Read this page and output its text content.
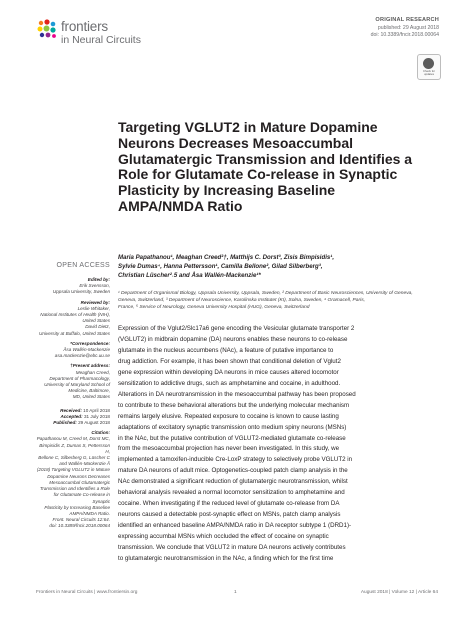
frontiers
in Neural Circuits
ORIGINAL RESEARCH
published: 29 August 2018
doi: 10.3389/fncir.2018.00064
Check for updates
Targeting VGLUT2 in Mature Dopamine Neurons Decreases Mesoaccumbal Glutamatergic Transmission and Identifies a Role for Glutamate Co-release in Synaptic Plasticity by Increasing Baseline AMPA/NMDA Ratio
Maria Papathanou¹, Meaghan Creed²†, Matthijs C. Dorst³, Zisis Bimpisidis¹,
Sylvie Dumas⁴, Hanna Pettersson¹, Camilla Bellone², Gilad Silberberg³,
Christian Lüscher²˒5 and Åsa Wallén-Mackenzie¹*
¹ Department of Organismal Biology, Uppsala University, Uppsala, Sweden, ² Department of Basic Neurosciences, University of Geneva, Geneva, Switzerland, ³ Department of Neuroscience, Karolinska Institutet (KI), Solna, Sweden, ⁴ Oramacell, Paris,
France, ⁵ Service of Neurology, Geneva University Hospital (HUG), Geneva, Switzerland
Expression of the Vglut2/Slc17a6 gene encoding the Vesicular glutamate transporter 2
(VGLUT2) in midbrain dopamine (DA) neurons enables these neurons to co-release
glutamate in the nucleus accumbens (NAc), a feature of putative importance to
drug addiction. For example, it has been shown that conditional deletion of Vglut2
gene expression within developing DA neurons in mice causes altered locomotor
sensitization to addictive drugs, such as amphetamine and cocaine, in adulthood.
Alterations in DA neurotransmission in the mesoaccumbal pathway has been proposed
to contribute to these behavioral alterations but the underlying molecular mechanism
remains largely elusive. Repeated exposure to cocaine is known to cause lasting
adaptations of excitatory synaptic transmission onto medium spiny neurons (MSNs)
in the NAc, but the putative contribution of VGLUT2-mediated glutamate co-release
from the mesoaccumbal projection has never been investigated. In this study, we
implemented a tamoxifen-inducible Cre-LoxP strategy to selectively probe VGLUT2 in
mature DA neurons of adult mice. Optogenetics-coupled patch clamp analysis in the
NAc demonstrated a significant reduction of glutamatergic neurotransmission, whilst
behavioral analysis revealed a normal locomotor sensitization to amphetamine and
cocaine. When investigating if the reduced level of glutamate co-release from DA
neurons caused a detectable post-synaptic effect on MSNs, patch clamp analysis
identified an enhanced baseline AMPA/NMDA ratio in DA receptor subtype 1 (DRD1)-
expressing accumbal MSNs which occluded the effect of cocaine on synaptic
transmission. We conclude that VGLUT2 in mature DA neurons actively contributes
to glutamatergic neurotransmission in the NAc, a finding which for the first time
OPEN ACCESS
Edited by:
Erik Svensson,
Uppsala University, Sweden
Reviewed by:
Leslie Whitaker,
National Institutes of Health (NIH),
United States
David Dietz,
University at Buffalo, United States
*Correspondence:
Åsa Wallén-Mackenzie
asa.mackenzie@ebc.uu.se
†Present address:
Meaghan Creed,
Department of Pharmacology,
University of Maryland School of
Medicine, Baltimore,
MD, United States
Received: 10 April 2018
Accepted: 31 July 2018
Published: 29 August 2018
Citation:
Papathanou M, Creed M, Dorst MC,
Bimpisidis Z, Dumas S, Pettersson H,
Bellone C, Silberberg G, Lüscher C
and Wallén-Mackenzie Å
(2018) Targeting VGLUT2 in Mature
Dopamine Neurons Decreases
Mesoaccumbal Glutamatergic
Transmission and Identifies a Role
for Glutamate Co-release in Synaptic
Plasticity by Increasing Baseline
AMPA/NMDA Ratio.
Front. Neural Circuits 12:64.
doi: 10.3389/fncir.2018.00064
Frontiers in Neural Circuits | www.frontiersin.org	1	August 2018 | Volume 12 | Article 64
